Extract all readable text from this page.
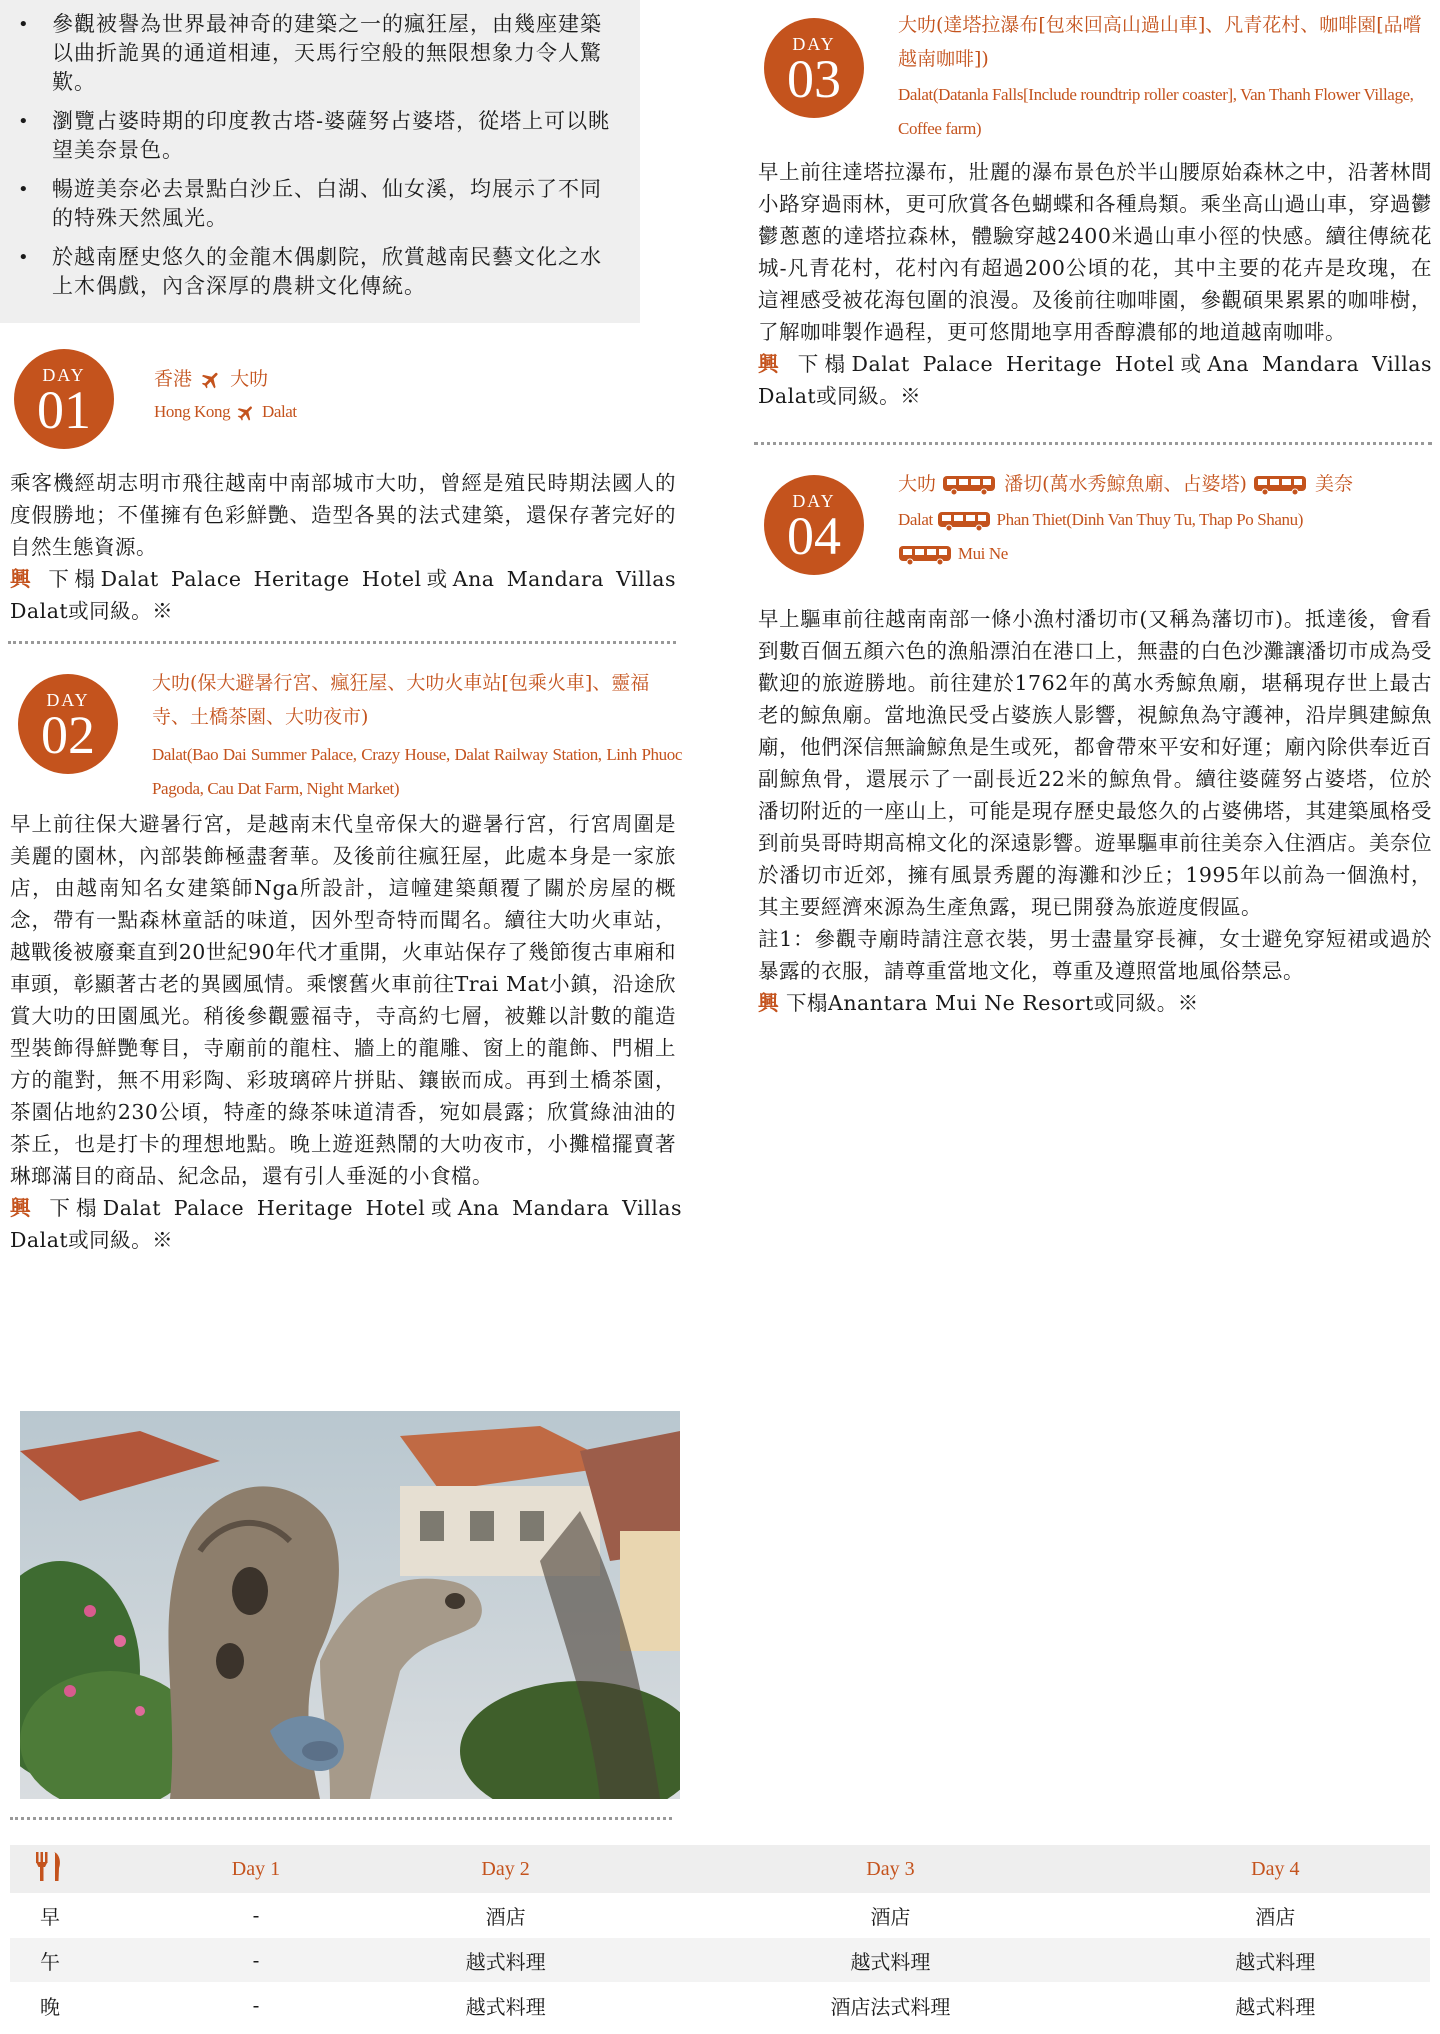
• 參觀被譽為世界最神奇的建築之一的瘋狂屋，由幾座建築以曲折詭異的通道相連，天馬行空般的無限想象力令人驚歎。
• 瀏覽占婆時期的印度教古塔-婆薩努占婆塔，從塔上可以眺望美奈景色。
• 暢遊美奈必去景點白沙丘、白湖、仙女溪，均展示了不同的特殊天然風光。
• 於越南歷史悠久的金龍木偶劇院，欣賞越南民藝文化之水上木偶戲，內含深厚的農耕文化傳統。
DAY
01
香港 大叻
Hong Kong Dalat
乘客機經胡志明市飛往越南中南部城市大叻，曾經是殖民時期法國人的度假勝地；不僅擁有色彩鮮艷、造型各異的法式建築，還保存著完好的自然生態資源。
興 下榻Dalat Palace Heritage Hotel或Ana Mandara Villas Dalat或同級。※
DAY
02
大叻(保大避暑行宮、瘋狂屋、大叻火車站[包乘火車]、靈福寺、土橋茶園、大叻夜市)
Dalat(Bao Dai Summer Palace, Crazy House, Dalat Railway Station, Linh Phuoc Pagoda, Cau Dat Farm, Night Market)
早上前往保大避暑行宮，是越南末代皇帝保大的避暑行宮，行宮周圍是美麗的園林，內部裝飾極盡奢華。及後前往瘋狂屋，此處本身是一家旅店，由越南知名女建築師Nga所設計，這幢建築顛覆了關於房屋的概念，帶有一點森林童話的味道，因外型奇特而聞名。續往大叻火車站，越戰後被廢棄直到20世紀90年代才重開，火車站保存了幾節復古車廂和車頭，彰顯著古老的異國風情。乘懷舊火車前往Trai Mat小鎮，沿途欣賞大叻的田園風光。稍後參觀靈福寺，寺高約七層，被難以計數的龍造型裝飾得鮮艷奪目，寺廟前的龍柱、牆上的龍雕、窗上的龍飾、門楣上方的龍對，無不用彩陶、彩玻璃碎片拼貼、鑲嵌而成。再到土橋茶園，茶園佔地約230公頃，特產的綠茶味道清香，宛如晨露；欣賞綠油油的茶丘，也是打卡的理想地點。晚上遊逛熱鬧的大叻夜市，小攤檔擺賣著琳瑯滿目的商品、紀念品，還有引人垂涎的小食檔。
興 下榻Dalat Palace Heritage Hotel或Ana Mandara Villas Dalat或同級。※
DAY
03
大叻(達塔拉瀑布[包來回高山過山車]、凡青花村、咖啡園[品嚐越南咖啡])
Dalat(Datanla Falls[Include roundtrip roller coaster], Van Thanh Flower Village, Coffee farm)
早上前往達塔拉瀑布，壯麗的瀑布景色於半山腰原始森林之中，沿著林間小路穿過雨林，更可欣賞各色蝴蝶和各種鳥類。乘坐高山過山車，穿過鬱鬱蔥蔥的達塔拉森林，體驗穿越2400米過山車小徑的快感。續往傳統花城-凡青花村，花村內有超過200公頃的花，其中主要的花卉是玫瑰，在這裡感受被花海包圍的浪漫。及後前往咖啡園，參觀碩果累累的咖啡樹，了解咖啡製作過程，更可悠閒地享用香醇濃郁的地道越南咖啡。
興 下榻Dalat Palace Heritage Hotel或Ana Mandara Villas Dalat或同級。※
DAY
04
大叻	潘切(萬水秀鯨魚廟、占婆塔)	美奈
Dalat	Phan Thiet(Dinh Van Thuy Tu, Thap Po Shanu)
Mui Ne
早上驅車前往越南南部一條小漁村潘切市(又稱為藩切市)。抵達後，會看到數百個五顏六色的漁船漂泊在港口上，無盡的白色沙灘讓潘切市成為受歡迎的旅遊勝地。前往建於1762年的萬水秀鯨魚廟，堪稱現存世上最古老的鯨魚廟。當地漁民受占婆族人影響，視鯨魚為守護神，沿岸興建鯨魚廟，他們深信無論鯨魚是生或死，都會帶來平安和好運；廟內除供奉近百副鯨魚骨，還展示了一副長近22米的鯨魚骨。續往婆薩努占婆塔，位於潘切附近的一座山上，可能是現存歷史最悠久的占婆佛塔，其建築風格受到前吳哥時期高棉文化的深遠影響。遊畢驅車前往美奈入住酒店。美奈位於潘切市近郊，擁有風景秀麗的海灘和沙丘；1995年以前為一個漁村，其主要經濟來源為生產魚露，現已開發為旅遊度假區。
註1：參觀寺廟時請注意衣裝，男士盡量穿長褲，女士避免穿短裙或過於暴露的衣服，請尊重當地文化，尊重及遵照當地風俗禁忌。
興 下榻Anantara Mui Ne Resort或同級。※
	Day 1	Day 2	Day 3	Day 4
早	-	酒店	酒店	酒店
午	-	越式料理	越式料理	越式料理
晚	-	越式料理	酒店法式料理	越式料理
